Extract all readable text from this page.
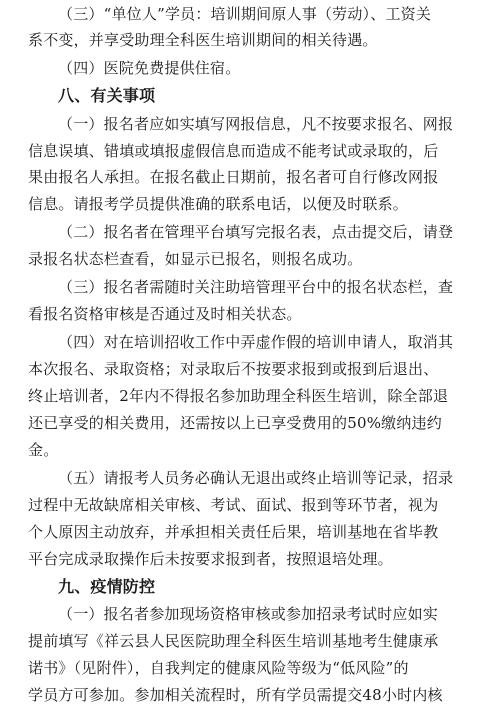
（三）“单位人”学员：培训期间原人事（劳动）、工资关
系不变，并享受助理全科医生培训期间的相关待遇。
（四）医院免费提供住宿。
八、有关事项
（一）报名者应如实填写网报信息，凡不按要求报名、网报
信息误填、错填或填报虚假信息而造成不能考试或录取的，后
果由报名人承担。在报名截止日期前，报名者可自行修改网报
信息。请报考学员提供准确的联系电话，以便及时联系。
（二）报名者在管理平台填写完报名表，点击提交后，请登
录报名状态栏查看，如显示已报名，则报名成功。
（三）报名者需随时关注助培管理平台中的报名状态栏，查
看报名资格审核是否通过及时相关状态。
（四）对在培训招收工作中弄虚作假的培训申请人，取消其
本次报名、录取资格；对录取后不按要求报到或报到后退出、
终止培训者，2年内不得报名参加助理全科医生培训，除全部退
还已享受的相关费用，还需按以上已享受费用的50%缴纳违约
金。
（五）请报考人员务必确认无退出或终止培训等记录，招录
过程中无故缺席相关审核、考试、面试、报到等环节者，视为
个人原因主动放弃，并承担相关责任后果，培训基地在省毕教
平台完成录取操作后未按要求报到者，按照退培处理。
九、疫情防控
（一）报名者参加现场资格审核或参加招录考试时应如实
提前填写《祥云县人民医院助理全科医生培训基地考生健康承
诺书》（见附件），自我判定的健康风险等级为“低风险”的
学员方可参加。参加相关流程时，所有学员需提交48小时内核
